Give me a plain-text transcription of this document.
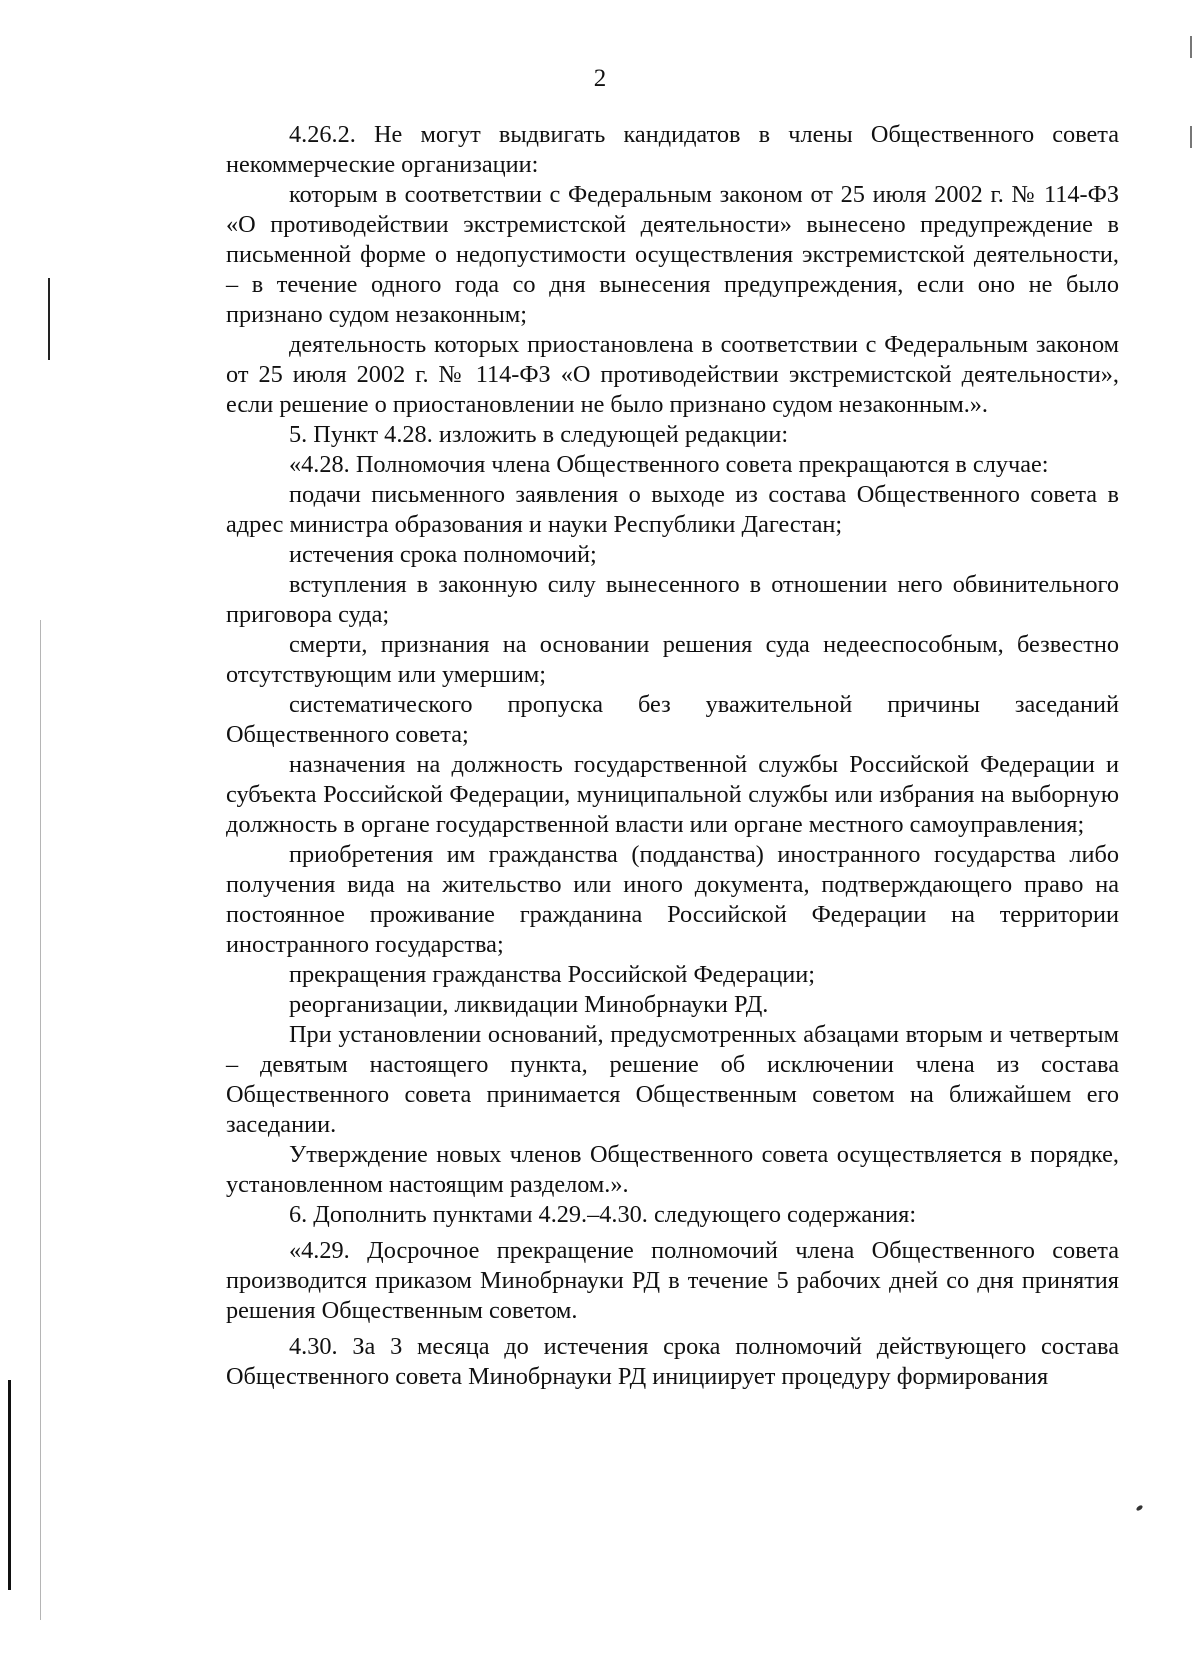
2

4.26.2. Не могут выдвигать кандидатов в члены Общественного совета некоммерческие организации:

которым в соответствии с Федеральным законом от 25 июля 2002 г. № 114-ФЗ «О противодействии экстремистской деятельности» вынесено предупреждение в письменной форме о недопустимости осуществления экстремистской деятельности, – в течение одного года со дня вынесения предупреждения, если оно не было признано судом незаконным;

деятельность которых приостановлена в соответствии с Федеральным законом от 25 июля 2002 г. № 114-ФЗ «О противодействии экстремистской деятельности», если решение о приостановлении не было признано судом незаконным.».

5. Пункт 4.28. изложить в следующей редакции:

«4.28. Полномочия члена Общественного совета прекращаются в случае:

подачи письменного заявления о выходе из состава Общественного совета в адрес министра образования и науки Республики Дагестан;

истечения срока полномочий;

вступления в законную силу вынесенного в отношении него обвинительного приговора суда;

смерти, признания на основании решения суда недееспособным, безвестно отсутствующим или умершим;

систематического пропуска без уважительной причины заседаний Общественного совета;

назначения на должность государственной службы Российской Федерации и субъекта Российской Федерации, муниципальной службы или избрания на выборную должность в органе государственной власти или органе местного самоуправления;

приобретения им гражданства (подданства) иностранного государства либо получения вида на жительство или иного документа, подтверждающего право на постоянное проживание гражданина Российской Федерации на территории иностранного государства;

прекращения гражданства Российской Федерации;

реорганизации, ликвидации Минобрнауки РД.

При установлении оснований, предусмотренных абзацами вторым и четвертым – девятым настоящего пункта, решение об исключении члена из состава Общественного совета принимается Общественным советом на ближайшем его заседании.

Утверждение новых членов Общественного совета осуществляется в порядке, установленном настоящим разделом.».

6. Дополнить пунктами 4.29.–4.30. следующего содержания:

«4.29. Досрочное прекращение полномочий члена Общественного совета производится приказом Минобрнауки РД в течение 5 рабочих дней со дня принятия решения Общественным советом.

4.30. За 3 месяца до истечения срока полномочий действующего состава Общественного совета Минобрнауки РД инициирует процедуру формирования
